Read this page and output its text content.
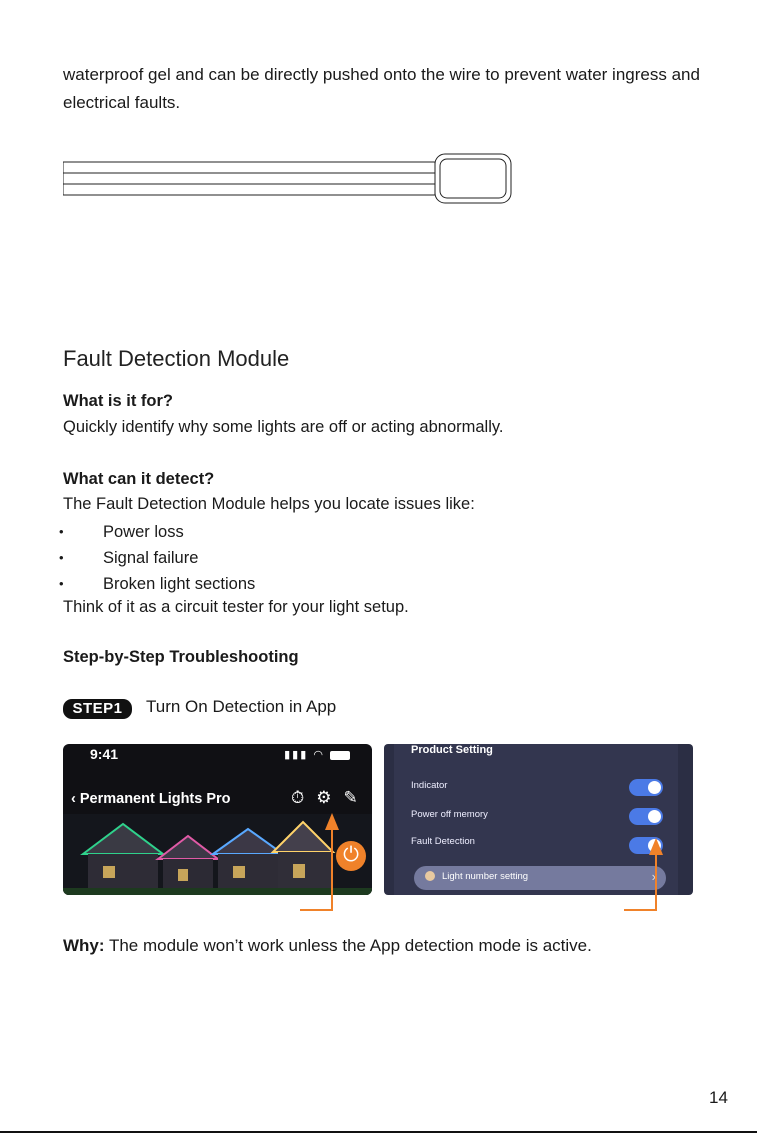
waterproof gel and can be directly pushed onto the wire to prevent water ingress and electrical faults.
Fault Detection Module
What is it for?
Quickly identify why some lights are off or acting abnormally.
What can it detect?
The Fault Detection Module helps you locate issues like:
• Power loss
• Signal failure
• Broken light sections
Think of it as a circuit tester for your light setup.
Step-by-Step Troubleshooting
STEP1	Turn On Detection in App
9:41	▮▮▮ ◠
‹ Permanent Lights Pro	⏱⚙✎
⏻
Product Setting
Indicator
Power off memory
Fault Detection
Light number setting	›
Why: The module won’t work unless the App detection mode is active.
14
